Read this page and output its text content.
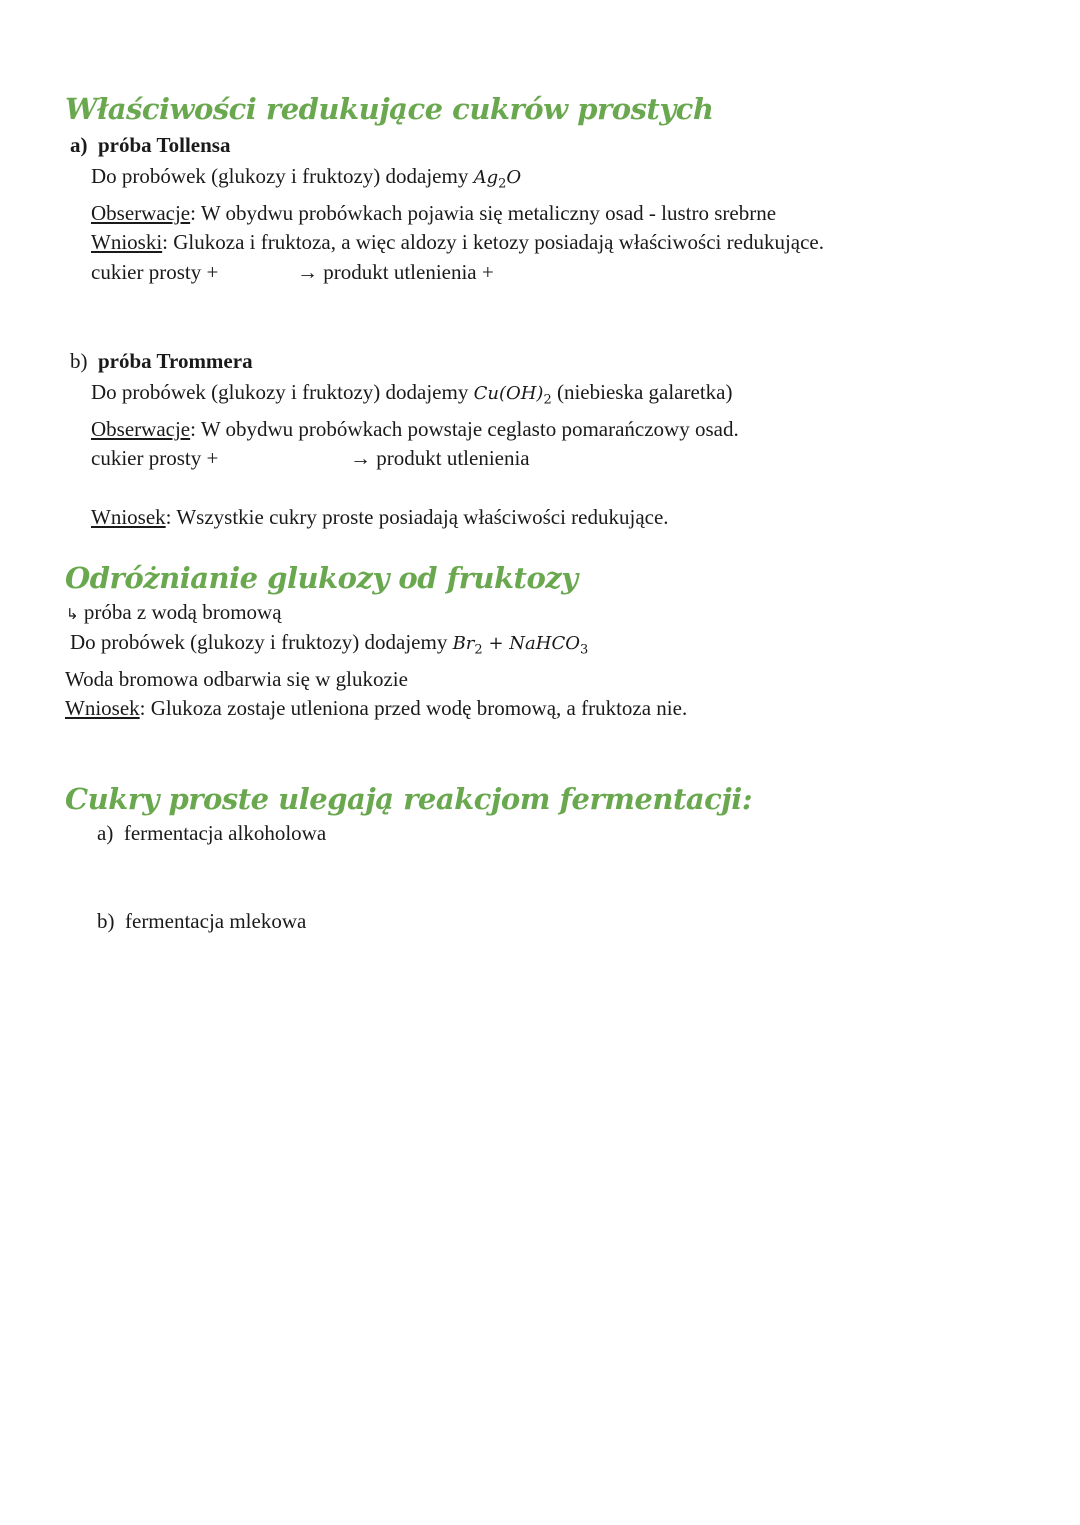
Właściwości redukujące cukrów prostych
a) próba Tollensa
Do probówek (glukozy i fruktozy) dodajemy $Ag_2O$
Obserwacje: W obydwu probówkach pojawia się metaliczny osad - lustro srebrne
Wnioski: Glukoza i fruktoza, a więc aldozy i ketozy posiadają właściwości redukujące.
cukier prosty +	→ produkt utlenienia +
b) próba Trommera
Do probówek (glukozy i fruktozy) dodajemy $Cu(OH)_2$ (niebieska galaretka)
Obserwacje: W obydwu probówkach powstaje ceglasto pomarańczowy osad.
cukier prosty +	→ produkt utlenienia
Wniosek: Wszystkie cukry proste posiadają właściwości redukujące.
Odróżnianie glukozy od fruktozy
↳ próba z wodą bromową
Do probówek (glukozy i fruktozy) dodajemy $Br_2$ + NaHCO$_3$
Woda bromowa odbarwia się w glukozie
Wniosek: Glukoza zostaje utleniona przed wodę bromową, a fruktoza nie.
Cukry proste ulegają reakcjom fermentacji:
a) fermentacja alkoholowa
b) fermentacja mlekowa
